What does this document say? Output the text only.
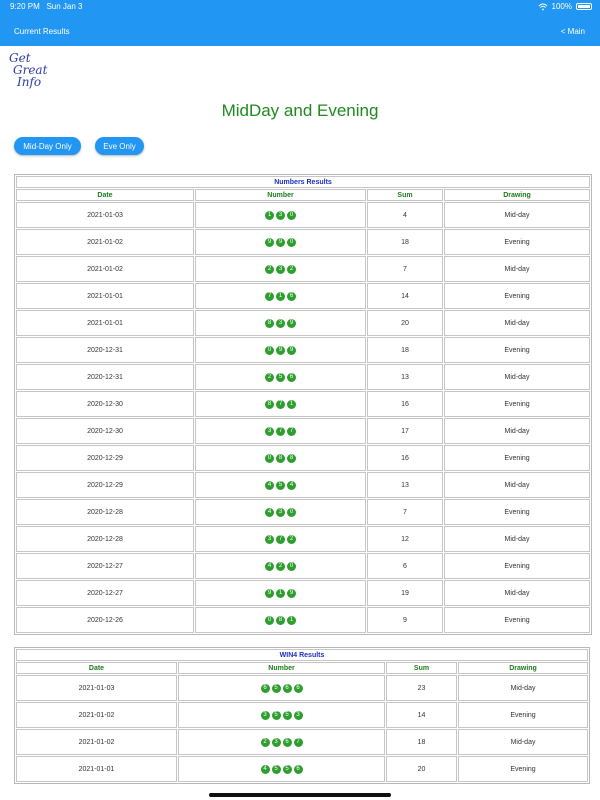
9:20 PM Sun Jan 3	100%
Current Results	< Main
Get
Great
Info
MidDay and Evening
Mid-Day Only	Eve Only
Numbers Results			
Date	Number	Sum	Drawing
2021-01-03	1 3 0	4	Mid-day
2021-01-02	9 9 0	18	Evening
2021-01-02	2 3 2	7	Mid-day
2021-01-01	7 1 6	14	Evening
2021-01-01	8 3 9	20	Mid-day
2020-12-31	0 9 9	18	Evening
2020-12-31	2 5 6	13	Mid-day
2020-12-30	8 7 1	16	Evening
2020-12-30	3 7 7	17	Mid-day
2020-12-29	0 8 8	16	Evening
2020-12-29	4 5 4	13	Mid-day
2020-12-28	4 3 0	7	Evening
2020-12-28	3 7 2	12	Mid-day
2020-12-27	4 2 0	6	Evening
2020-12-27	9 1 9	19	Mid-day
2020-12-26	0 8 1	9	Evening
WIN4 Results			
Date	Number	Sum	Drawing
2021-01-03	6 5 6 6	23	Mid-day
2021-01-02	3 5 5 3	14	Evening
2021-01-02	2 3 6 7	18	Mid-day
2021-01-01	4 5 5 6	20	Evening
